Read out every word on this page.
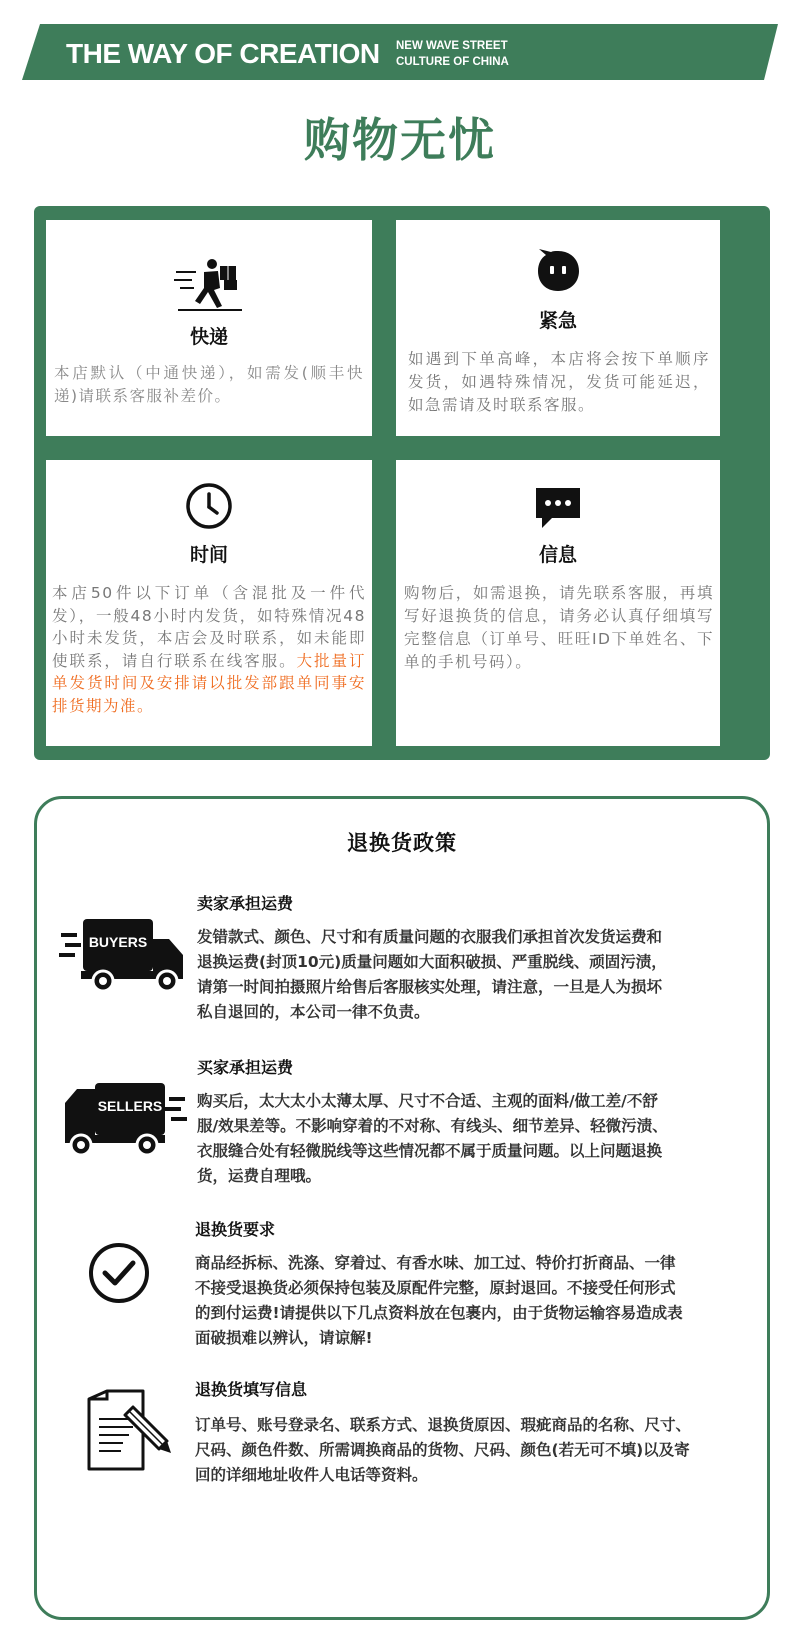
THE WAY OF CREATION NEW WAVE STREET
CULTURE OF CHINA
购物无忧
快递
本店默认（中通快递），如需发(顺丰快递)请联系客服补差价。
紧急
如遇到下单高峰，本店将会按下单顺序发货，如遇特殊情况，发货可能延迟，如急需请及时联系客服。
时间
本店50件以下订单（含混批及一件代发），一般48小时内发货，如特殊情况48小时未发货，本店会及时联系，如未能即使联系，请自行联系在线客服。大批量订单发货时间及安排请以批发部跟单同事安排货期为准。
信息
购物后，如需退换，请先联系客服，再填写好退换货的信息，请务必认真仔细填写完整信息（订单号、旺旺ID下单姓名、下单的手机号码）。
退换货政策
BUYERS
卖家承担运费
发错款式、颜色、尺寸和有质量问题的衣服我们承担首次发货运费和
退换运费(封顶10元)质量问题如大面积破损、严重脱线、顽固污渍，
请第一时间拍摄照片给售后客服核实处理，请注意，一旦是人为损坏
私自退回的，本公司一律不负责。
SELLERS
买家承担运费
购买后，太大太小太薄太厚、尺寸不合适、主观的面料/做工差/不舒
服/效果差等。不影响穿着的不对称、有线头、细节差异、轻微污渍、
衣服缝合处有轻微脱线等这些情况都不属于质量问题。以上问题退换
货，运费自理哦。
退换货要求
商品经拆标、洗涤、穿着过、有香水味、加工过、特价打折商品、一律
不接受退换货必须保持包装及原配件完整，原封退回。不接受任何形式
的到付运费!请提供以下几点资料放在包裹内，由于货物运输容易造成表
面破损难以辨认，请谅解!
退换货填写信息
订单号、账号登录名、联系方式、退换货原因、瑕疵商品的名称、尺寸、
尺码、颜色件数、所需调换商品的货物、尺码、颜色(若无可不填)以及寄
回的详细地址收件人电话等资料。
